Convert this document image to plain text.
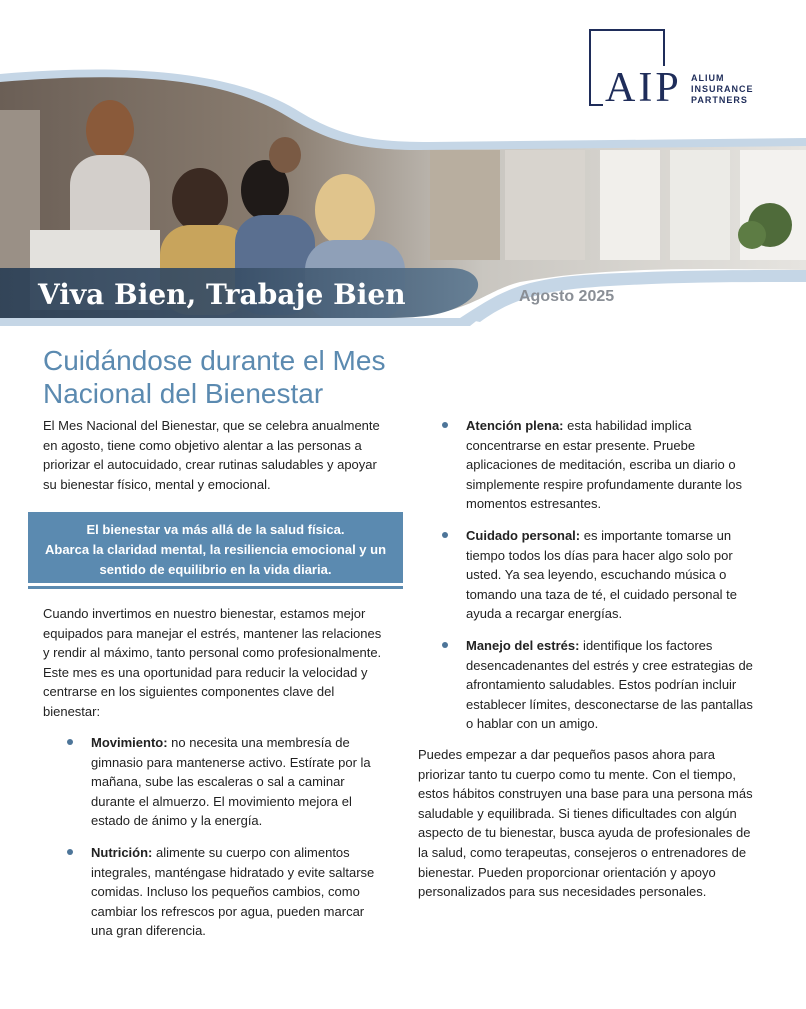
AIP ALIUM
INSURANCE
PARTNERS
Viva Bien, Trabaje Bien	Agosto 2025
Cuidándose durante el Mes
Nacional del Bienestar
El Mes Nacional del Bienestar, que se celebra anualmente en agosto, tiene como objetivo alentar a las personas a priorizar el autocuidado, crear rutinas saludables y apoyar su bienestar físico, mental y emocional.
El bienestar va más allá de la salud física.
Abarca la claridad mental, la resiliencia emocional y un
sentido de equilibrio en la vida diaria.
Cuando invertimos en nuestro bienestar, estamos mejor equipados para manejar el estrés, mantener las relaciones y rendir al máximo, tanto personal como profesionalmente. Este mes es una oportunidad para reducir la velocidad y centrarse en los siguientes componentes clave del bienestar:
Movimiento: no necesita una membresía de gimnasio para mantenerse activo. Estírate por la mañana, sube las escaleras o sal a caminar durante el almuerzo. El movimiento mejora el estado de ánimo y la energía.
Nutrición: alimente su cuerpo con alimentos integrales, manténgase hidratado y evite saltarse comidas. Incluso los pequeños cambios, como cambiar los refrescos por agua, pueden marcar una gran diferencia.
Atención plena: esta habilidad implica concentrarse en estar presente. Pruebe aplicaciones de meditación, escriba un diario o simplemente respire profundamente durante los momentos estresantes.
Cuidado personal: es importante tomarse un tiempo todos los días para hacer algo solo por usted. Ya sea leyendo, escuchando música o tomando una taza de té, el cuidado personal te ayuda a recargar energías.
Manejo del estrés: identifique los factores desencadenantes del estrés y cree estrategias de afrontamiento saludables. Estos podrían incluir establecer límites, desconectarse de las pantallas o hablar con un amigo.
Puedes empezar a dar pequeños pasos ahora para priorizar tanto tu cuerpo como tu mente. Con el tiempo, estos hábitos construyen una base para una persona más saludable y equilibrada. Si tienes dificultades con algún aspecto de tu bienestar, busca ayuda de profesionales de la salud, como terapeutas, consejeros o entrenadores de bienestar. Pueden proporcionar orientación y apoyo personalizados para sus necesidades personales.
